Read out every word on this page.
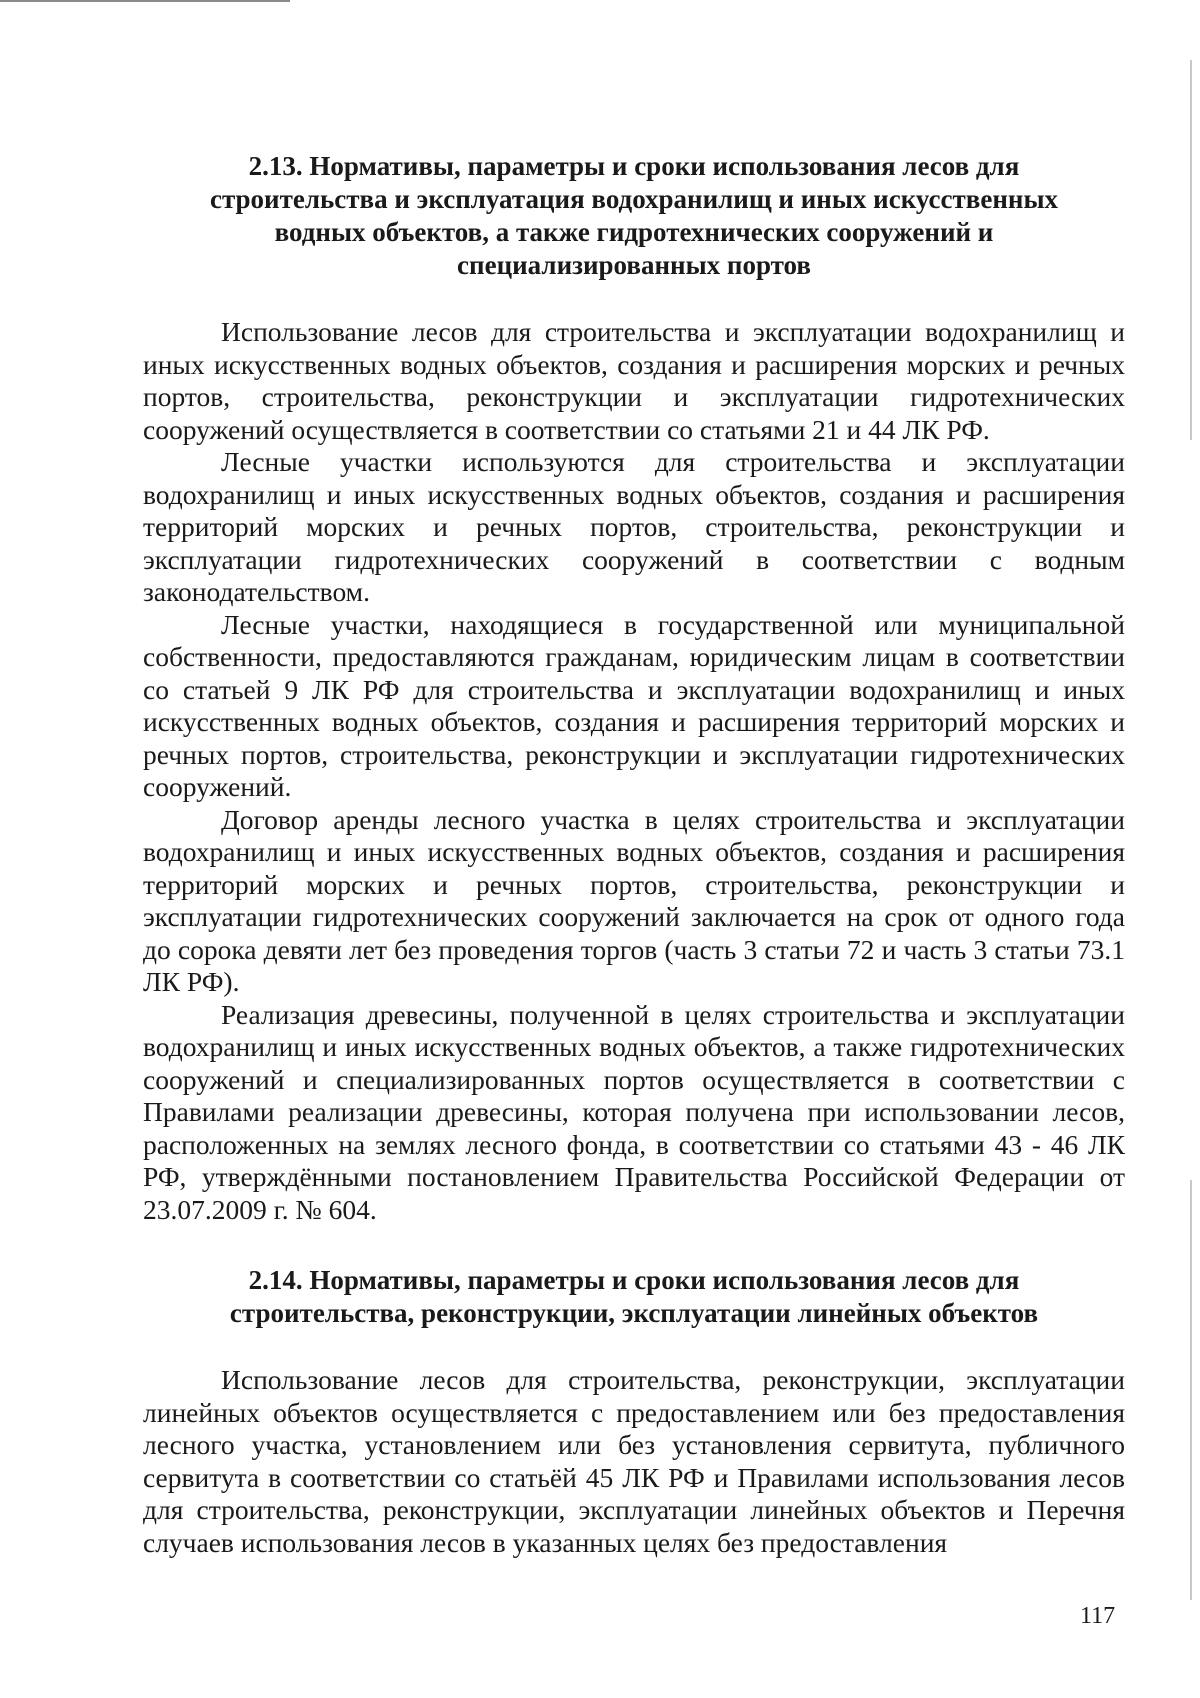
2.13. Нормативы, параметры и сроки использования лесов для
строительства и эксплуатация водохранилищ и иных искусственных
водных объектов, а также гидротехнических сооружений и
специализированных портов

Использование лесов для строительства и эксплуатации водохранилищ и иных искусственных водных объектов, создания и расширения морских и речных портов, строительства, реконструкции и эксплуатации гидротехнических сооружений осуществляется в соответствии со статьями 21 и 44 ЛК РФ.

Лесные участки используются для строительства и эксплуатации водохранилищ и иных искусственных водных объектов, создания и расширения территорий морских и речных портов, строительства, реконструкции и эксплуатации гидротехнических сооружений в соответствии с водным законодательством.

Лесные участки, находящиеся в государственной или муниципальной собственности, предоставляются гражданам, юридическим лицам в соответствии со статьей 9 ЛК РФ для строительства и эксплуатации водохранилищ и иных искусственных водных объектов, создания и расширения территорий морских и речных портов, строительства, реконструкции и эксплуатации гидротехнических сооружений.

Договор аренды лесного участка в целях строительства и эксплуатации водохранилищ и иных искусственных водных объектов, создания и расширения территорий морских и речных портов, строительства, реконструкции и эксплуатации гидротехнических сооружений заключается на срок от одного года до сорока девяти лет без проведения торгов (часть 3 статьи 72 и часть 3 статьи 73.1 ЛК РФ).

Реализация древесины, полученной в целях строительства и эксплуатации водохранилищ и иных искусственных водных объектов, а также гидротехнических сооружений и специализированных портов осуществляется в соответствии с Правилами реализации древесины, которая получена при использовании лесов, расположенных на землях лесного фонда, в соответствии со статьями 43 - 46 ЛК РФ, утверждёнными постановлением Правительства Российской Федерации от 23.07.2009 г. № 604.

2.14. Нормативы, параметры и сроки использования лесов для
строительства, реконструкции, эксплуатации линейных объектов

Использование лесов для строительства, реконструкции, эксплуатации линейных объектов осуществляется с предоставлением или без предоставления лесного участка, установлением или без установления сервитута, публичного сервитута в соответствии со статьёй 45 ЛК РФ и Правилами использования лесов для строительства, реконструкции, эксплуатации линейных объектов и Перечня случаев использования лесов в указанных целях без предоставления

117
